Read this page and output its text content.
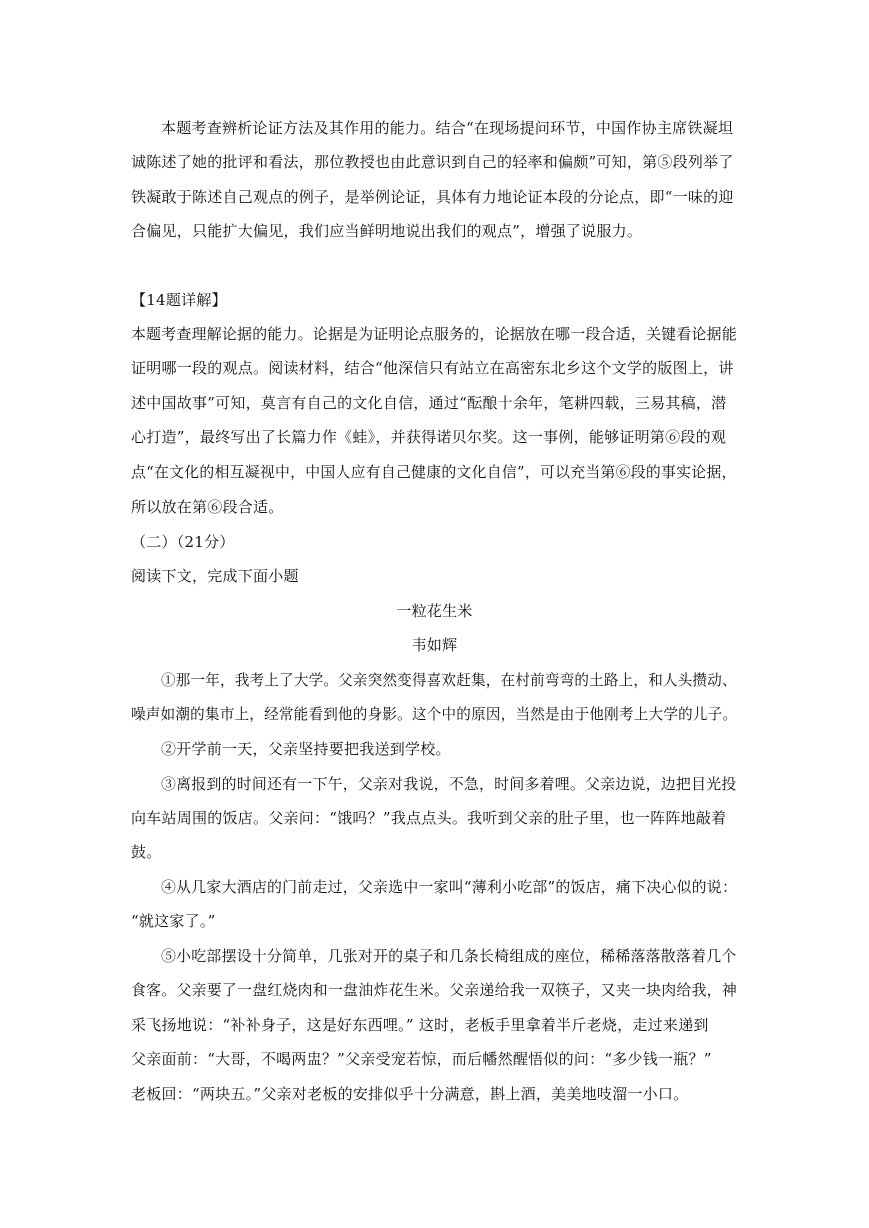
本题考查辨析论证方法及其作用的能力。结合“在现场提问环节，中国作协主席铁凝坦
诚陈述了她的批评和看法，那位教授也由此意识到自己的轻率和偏颇”可知，第⑤段列举了
铁凝敢于陈述自己观点的例子，是举例论证，具体有力地论证本段的分论点，即“一味的迎
合偏见，只能扩大偏见，我们应当鲜明地说出我们的观点”，增强了说服力。
【14题详解】
本题考查理解论据的能力。论据是为证明论点服务的，论据放在哪一段合适，关键看论据能
证明哪一段的观点。阅读材料，结合“他深信只有站立在高密东北乡这个文学的版图上，讲
述中国故事”可知，莫言有自己的文化自信，通过“酝酿十余年，笔耕四载，三易其稿，潜
心打造”，最终写出了长篇力作《蛙》，并获得诺贝尔奖。这一事例，能够证明第⑥段的观
点“在文化的相互凝视中，中国人应有自己健康的文化自信”，可以充当第⑥段的事实论据，
所以放在第⑥段合适。
（二）（21分）
阅读下文，完成下面小题
一粒花生米
韦如辉
①那一年，我考上了大学。父亲突然变得喜欢赶集，在村前弯弯的土路上，和人头攒动、
噪声如潮的集市上，经常能看到他的身影。这个中的原因，当然是由于他刚考上大学的儿子。
②开学前一天，父亲坚持要把我送到学校。
③离报到的时间还有一下午，父亲对我说，不急，时间多着哩。父亲边说，边把目光投
向车站周围的饭店。父亲问：“饿吗？”我点点头。我听到父亲的肚子里，也一阵阵地敲着
鼓。
④从几家大酒店的门前走过，父亲选中一家叫“薄利小吃部”的饭店，痛下决心似的说：
“就这家了。”
⑤小吃部摆设十分简单，几张对开的桌子和几条长椅组成的座位，稀稀落落散落着几个
食客。父亲要了一盘红烧肉和一盘油炸花生米。父亲递给我一双筷子，又夹一块肉给我，神
采飞扬地说：“补补身子，这是好东西哩。” 这时，老板手里拿着半斤老烧，走过来递到
父亲面前：“大哥，不喝两盅？”父亲受宠若惊，而后幡然醒悟似的问：“多少钱一瓶？”
老板回：“两块五。”父亲对老板的安排似乎十分满意，斟上酒，美美地吱溜一小口。
